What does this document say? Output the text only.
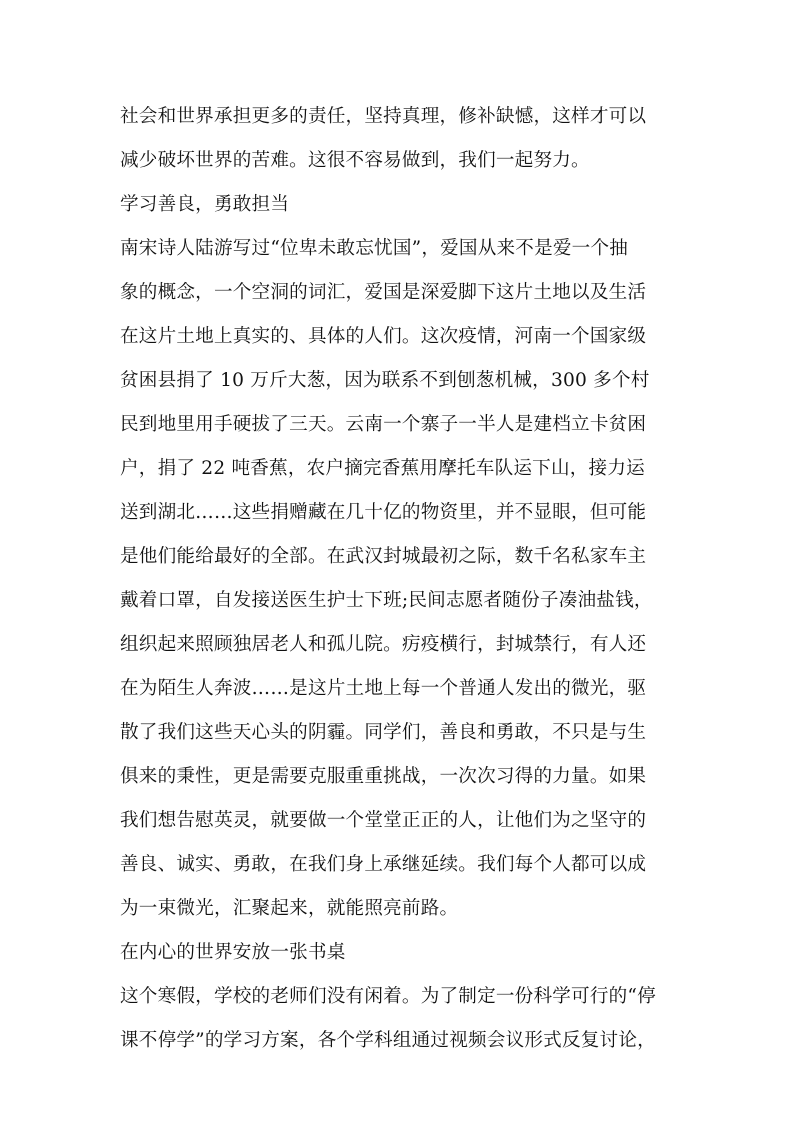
社会和世界承担更多的责任，坚持真理，修补缺憾，这样才可以
减少破坏世界的苦难。这很不容易做到，我们一起努力。
学习善良，勇敢担当
南宋诗人陆游写过“位卑未敢忘忧国”，爱国从来不是爱一个抽
象的概念，一个空洞的词汇，爱国是深爱脚下这片土地以及生活
在这片土地上真实的、具体的人们。这次疫情，河南一个国家级
贫困县捐了 10 万斤大葱，因为联系不到刨葱机械，300 多个村
民到地里用手硬拔了三天。云南一个寨子一半人是建档立卡贫困
户，捐了 22 吨香蕉，农户摘完香蕉用摩托车队运下山，接力运
送到湖北……这些捐赠藏在几十亿的物资里，并不显眼，但可能
是他们能给最好的全部。在武汉封城最初之际，数千名私家车主
戴着口罩，自发接送医生护士下班;民间志愿者随份子凑油盐钱，
组织起来照顾独居老人和孤儿院。疠疫横行，封城禁行，有人还
在为陌生人奔波……是这片土地上每一个普通人发出的微光，驱
散了我们这些天心头的阴霾。同学们，善良和勇敢，不只是与生
俱来的秉性，更是需要克服重重挑战，一次次习得的力量。如果
我们想告慰英灵，就要做一个堂堂正正的人，让他们为之坚守的
善良、诚实、勇敢，在我们身上承继延续。我们每个人都可以成
为一束微光，汇聚起来，就能照亮前路。
在内心的世界安放一张书桌
这个寒假，学校的老师们没有闲着。为了制定一份科学可行的“停
课不停学”的学习方案，各个学科组通过视频会议形式反复讨论，
